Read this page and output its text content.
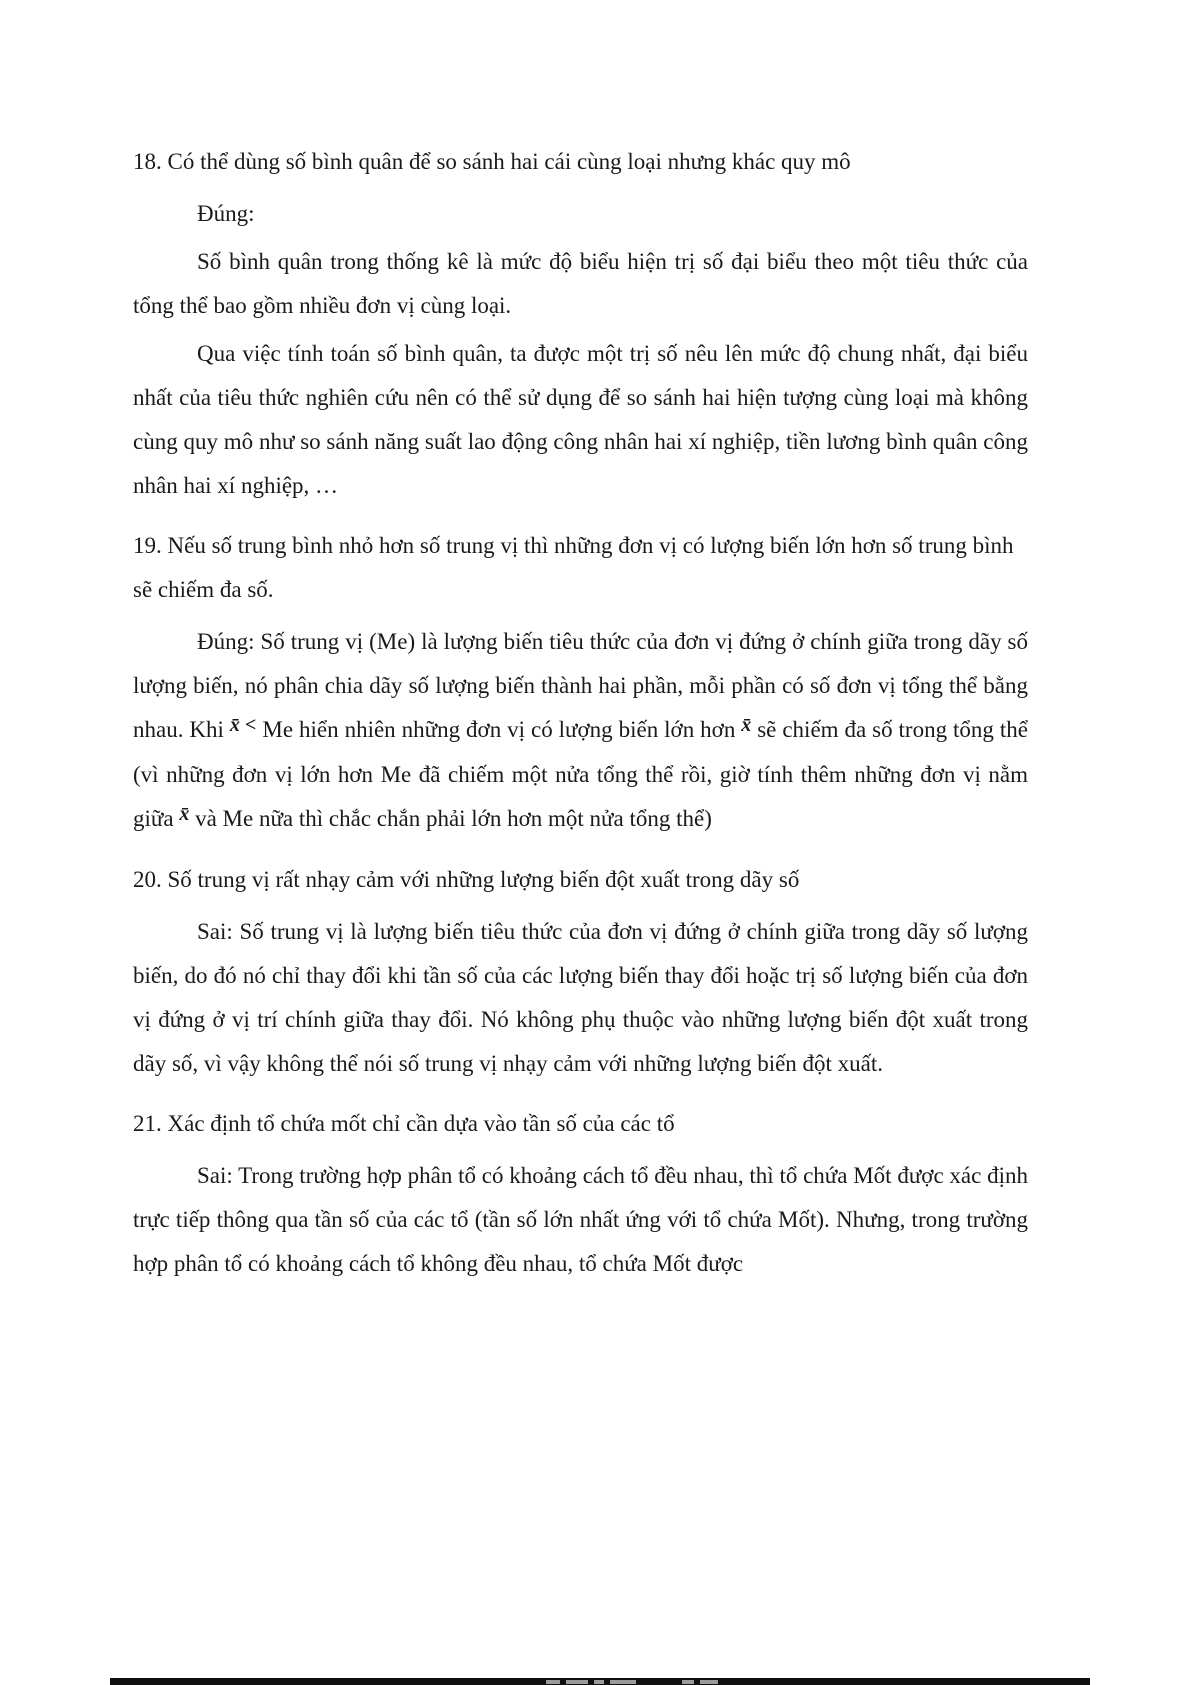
18. Có thể dùng số bình quân để so sánh hai cái cùng loại nhưng khác quy mô

Đúng:

Số bình quân trong thống kê là mức độ biểu hiện trị số đại biểu theo một tiêu thức của tổng thể bao gồm nhiều đơn vị cùng loại.

Qua việc tính toán số bình quân, ta được một trị số nêu lên mức độ chung nhất, đại biểu nhất của tiêu thức nghiên cứu nên có thể sử dụng để so sánh hai hiện tượng cùng loại mà không cùng quy mô như so sánh năng suất lao động công nhân hai xí nghiệp, tiền lương bình quân công nhân hai xí nghiệp, …

19. Nếu số trung bình nhỏ hơn số trung vị thì những đơn vị có lượng biến lớn hơn số trung bình sẽ chiếm đa số.

Đúng: Số trung vị (Me) là lượng biến tiêu thức của đơn vị đứng ở chính giữa trong dãy số lượng biến, nó phân chia dãy số lượng biến thành hai phần, mỗi phần có số đơn vị tổng thể bằng nhau. Khi x̄ < Me hiển nhiên những đơn vị có lượng biến lớn hơn x̄ sẽ chiếm đa số trong tổng thể (vì những đơn vị lớn hơn Me đã chiếm một nửa tổng thể rồi, giờ tính thêm những đơn vị nằm giữa x̄ và Me nữa thì chắc chắn phải lớn hơn một nửa tổng thể)

20. Số trung vị rất nhạy cảm với những lượng biến đột xuất trong dãy số

Sai: Số trung vị là lượng biến tiêu thức của đơn vị đứng ở chính giữa trong dãy số lượng biến, do đó nó chỉ thay đổi khi tần số của các lượng biến thay đổi hoặc trị số lượng biến của đơn vị đứng ở vị trí chính giữa thay đổi. Nó không phụ thuộc vào những lượng biến đột xuất trong dãy số, vì vậy không thể nói số trung vị nhạy cảm với những lượng biến đột xuất.

21. Xác định tổ chứa mốt chỉ cần dựa vào tần số của các tổ

Sai: Trong trường hợp phân tổ có khoảng cách tổ đều nhau, thì tổ chứa Mốt được xác định trực tiếp thông qua tần số của các tổ (tần số lớn nhất ứng với tổ chứa Mốt). Nhưng, trong trường hợp phân tổ có khoảng cách tổ không đều nhau, tổ chứa Mốt được
